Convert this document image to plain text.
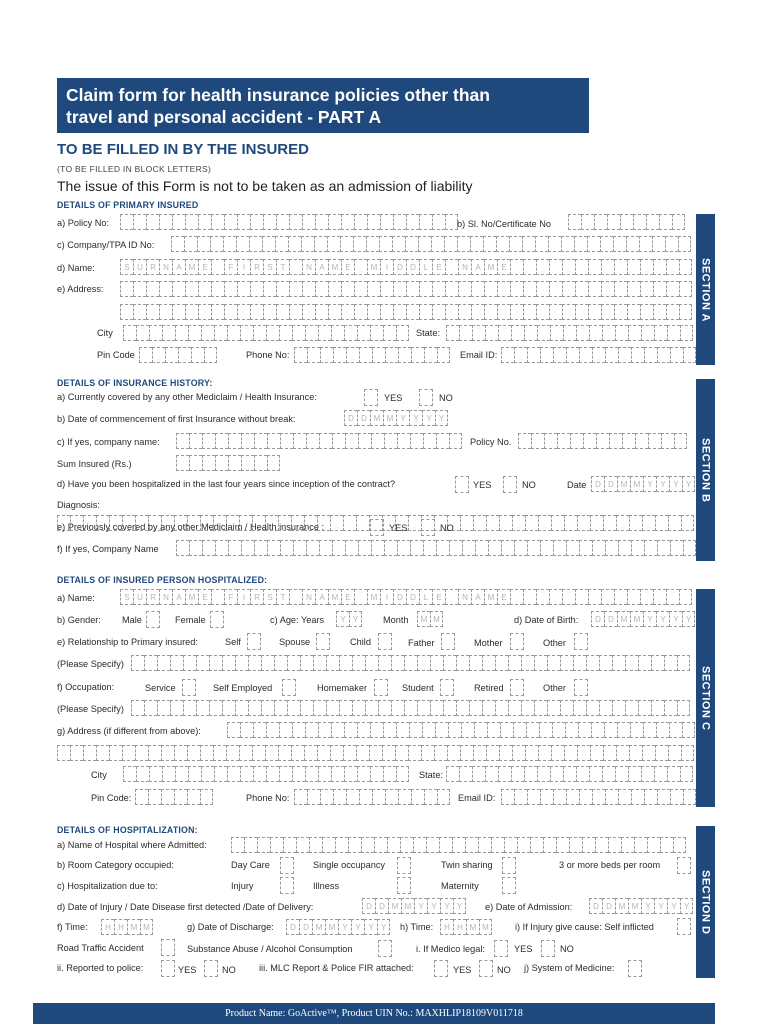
Claim form for health insurance policies other than
travel and personal accident - PART A
TO BE FILLED IN BY THE INSURED
(TO BE FILLED IN BLOCK LETTERS)
The issue of this Form is not to be taken as an admission of liability
DETAILS OF PRIMARY INSURED
a) Policy No:	b) Sl. No/Certificate No
c) Company/TPA ID No:
d) Name:	S U R N A M E	F	I	R S T	N A M E	M	I	D D L	E	N A M E
e) Address:
City	State:
Pin Code	Phone No:	Email ID:
SECTION A
DETAILS OF INSURANCE HISTORY:
a) Currently covered by any other Mediclaim / Health Insurance:	YES	NO
b) Date of commencement of first Insurance without break:	D D M M Y Y Y Y
c) If yes, company name:	Policy No.
Sum Insured (Rs.)
d) Have you been hospitalized in the last four years since inception of the contract?	YES	NO	Date	D D M M Y Y Y Y
Diagnosis:
e) Previously covered by any other Mediclaim / Health insurance :	YES	NO
f) If yes, Company Name
SECTION B
DETAILS OF INSURED PERSON HOSPITALIZED:
a) Name:	S U R N A M E	F	I	R S T	N A M E	M	I	D D L	E	N A M E
b) Gender: Male	Female	c) Age: Years	Y Y	Month	M M	d) Date of Birth:	D D M M Y Y Y Y
e) Relationship to Primary insured:	Self	Spouse	Child	Father	Mother	Other
(Please Specify)
f) Occupation:	Service	Self Employed	Homemaker	Student	Retired	Other
(Please Specify)
g) Address (if different from above):
City	State:
Pin Code:	Phone No:	Email ID:
SECTION C
DETAILS OF HOSPITALIZATION:
a) Name of Hospital where Admitted:
b) Room Category occupied:	Day Care	Single occupancy	Twin sharing	3 or more beds per room
c) Hospitalization due to:	Injury	Illness	Maternity
d) Date of Injury / Date Disease first detected /Date of Delivery:	D D M M Y Y Y Y	e) Date of Admission:	D D M M Y Y Y Y
f) Time:	H H M M	g) Date of Discharge:	D D M M Y Y Y Y	h) Time:	H H M M	i) If Injury give cause: Self inflicted
Road Traffic Accident	Substance Abuse / Alcohol Consumption	i. If Medico legal:	YES	NO
ii. Reported to police:	YES	NO	iii. MLC Report & Police FIR attached:	YES	NO j) System of Medicine:
SECTION D
Product Name: GoActive™, Product UIN No.: MAXHLIP18109V011718
